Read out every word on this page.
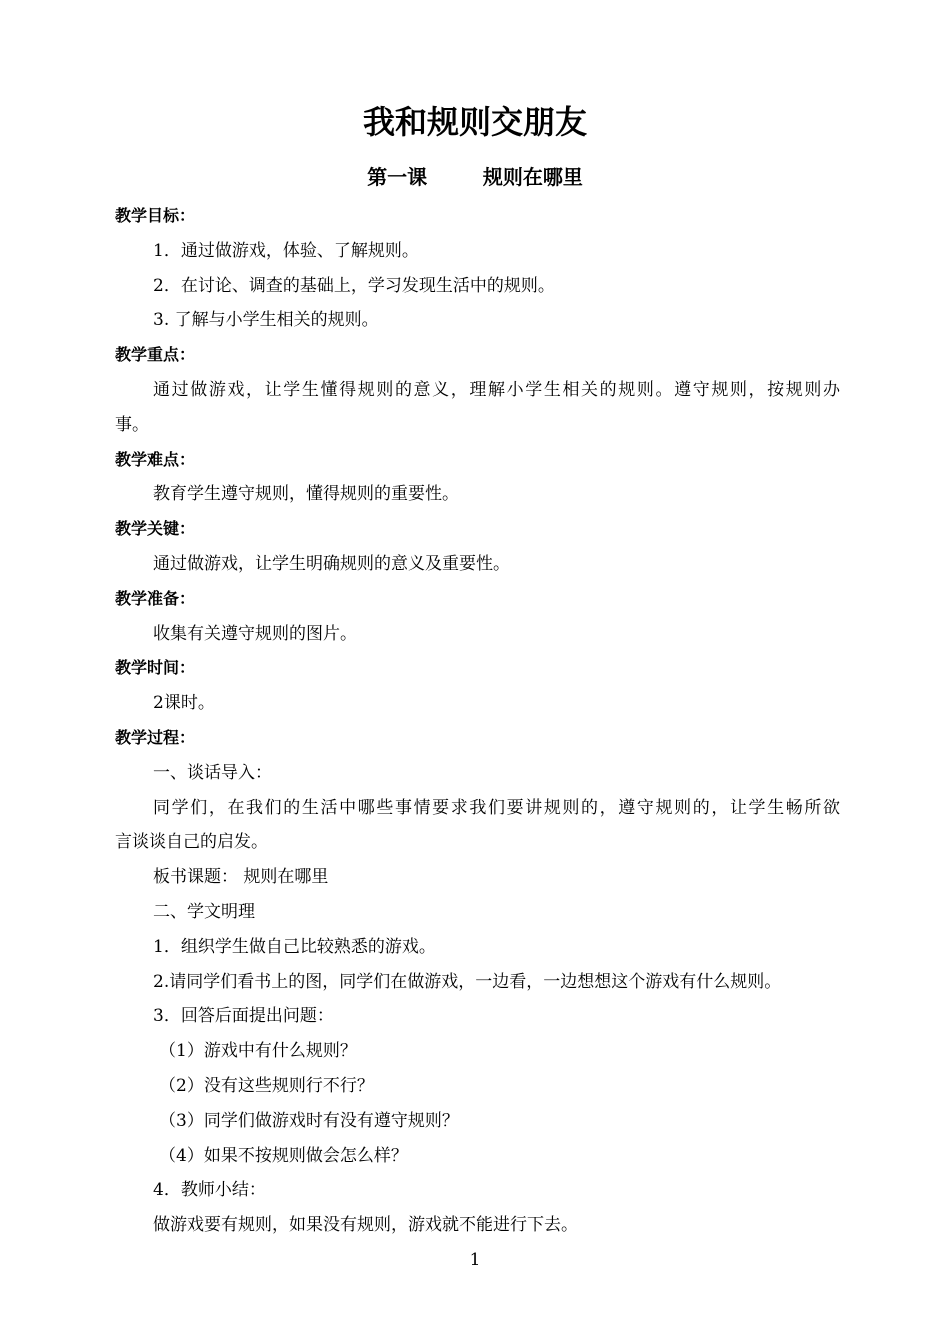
我和规则交朋友
第一课        规则在哪里
教学目标：
1．通过做游戏，体验、了解规则。
2．在讨论、调查的基础上，学习发现生活中的规则。
3. 了解与小学生相关的规则。
教学重点：
通过做游戏，让学生懂得规则的意义，理解小学生相关的规则。遵守规则，按规则办
事。
教学难点：
教育学生遵守规则，懂得规则的重要性。
教学关键：
通过做游戏，让学生明确规则的意义及重要性。
教学准备：
收集有关遵守规则的图片。
教学时间：
2课时。
教学过程：
一、谈话导入：
同学们，在我们的生活中哪些事情要求我们要讲规则的，遵守规则的，让学生畅所欲
言谈谈自己的启发。
板书课题： 规则在哪里
二、学文明理
1．组织学生做自己比较熟悉的游戏。
2.请同学们看书上的图，同学们在做游戏，一边看，一边想想这个游戏有什么规则。
3．回答后面提出问题：
（1）游戏中有什么规则？
（2）没有这些规则行不行？
（3）同学们做游戏时有没有遵守规则？
（4）如果不按规则做会怎么样？
4．教师小结：
做游戏要有规则，如果没有规则，游戏就不能进行下去。
1
